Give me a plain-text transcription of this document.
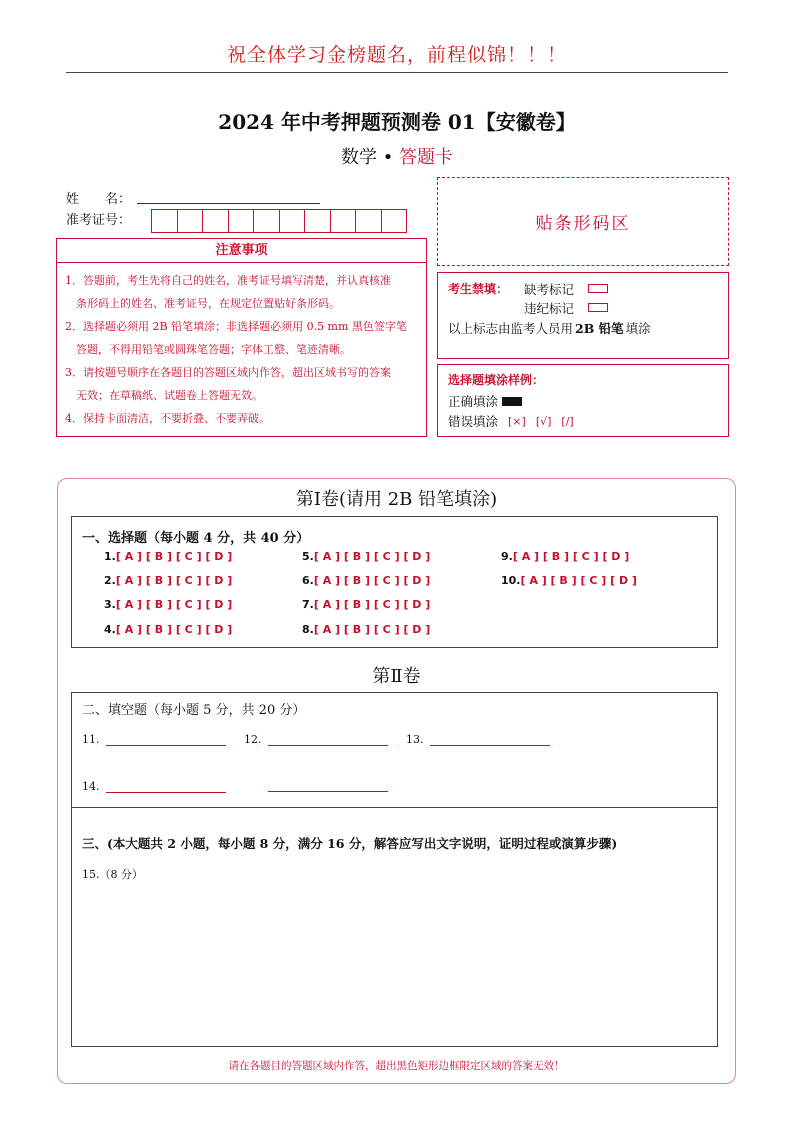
祝全体学习金榜题名，前程似锦！！！
2024 年中考押题预测卷 01【安徽卷】
数学 • 答题卡
姓　　名：
准考证号：	贴条形码区
注意事项
1．答题前，考生先将自己的姓名，准考证号填写清楚，并认真核准
　条形码上的姓名、准考证号，在规定位置贴好条形码。
2．选择题必须用 2B 铅笔填涂；非选择题必须用 0.5 mm 黑色签字笔
　答题，不得用铅笔或圆珠笔答题；字体工整、笔迹清晰。
3．请按题号顺序在各题目的答题区域内作答，超出区域书写的答案
　无效；在草稿纸、试题卷上答题无效。
4．保持卡面清洁，不要折叠、不要弄破。
考生禁填：	缺考标记
违纪标记
以上标志由监考人员用 2B 铅笔 填涂
选择题填涂样例：
正确填涂
错误填涂 [×] [√] [/]
第Ⅰ卷(请用 2B 铅笔填涂)
一、选择题（每小题 4 分，共 40 分）
1.[ A ] [ B ] [ C ] [ D ]
2.[ A ] [ B ] [ C ] [ D ]
3.[ A ] [ B ] [ C ] [ D ]
4.[ A ] [ B ] [ C ] [ D ]
5.[ A ] [ B ] [ C ] [ D ]
6.[ A ] [ B ] [ C ] [ D ]
7.[ A ] [ B ] [ C ] [ D ]
8.[ A ] [ B ] [ C ] [ D ]
9.[ A ] [ B ] [ C ] [ D ]
10.[ A ] [ B ] [ C ] [ D ]
第Ⅱ卷
二、填空题（每小题 5 分，共 20 分）
11.	12.	13.
14.
三、(本大题共 2 小题，每小题 8 分，满分 16 分，解答应写出文字说明，证明过程或演算步骤)
15.（8 分）
请在各题目的答题区域内作答，超出黑色矩形边框限定区域的答案无效！
